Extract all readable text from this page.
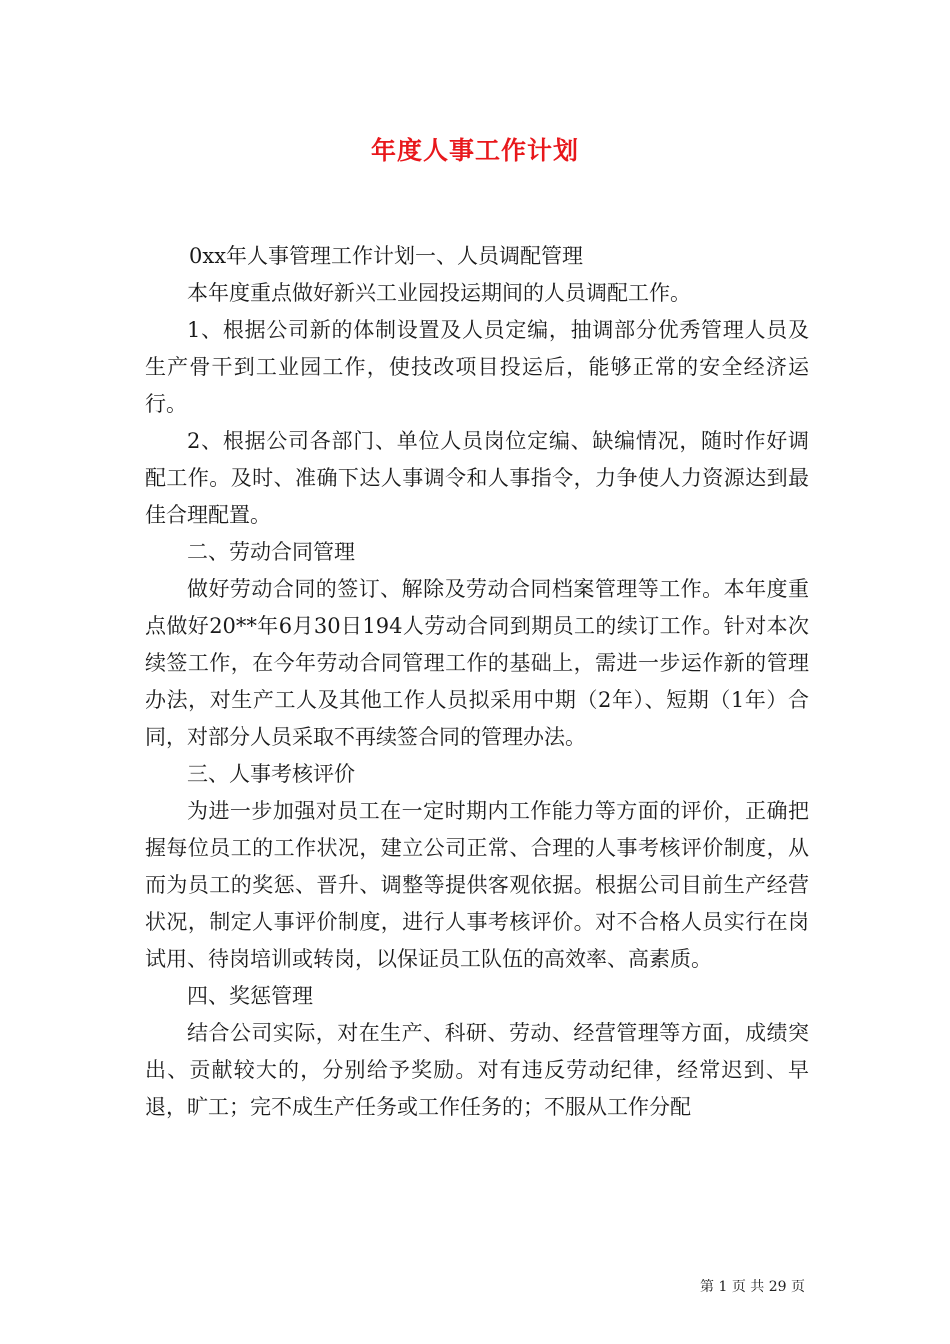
年度人事工作计划

0xx年人事管理工作计划一、人员调配管理

本年度重点做好新兴工业园投运期间的人员调配工作。

1、根据公司新的体制设置及人员定编，抽调部分优秀管理人员及生产骨干到工业园工作，使技改项目投运后，能够正常的安全经济运行。

2、根据公司各部门、单位人员岗位定编、缺编情况，随时作好调配工作。及时、准确下达人事调令和人事指令，力争使人力资源达到最佳合理配置。

二、劳动合同管理

做好劳动合同的签订、解除及劳动合同档案管理等工作。本年度重点做好20**年6月30日194人劳动合同到期员工的续订工作。针对本次续签工作，在今年劳动合同管理工作的基础上，需进一步运作新的管理办法，对生产工人及其他工作人员拟采用中期（2年）、短期（1年）合同，对部分人员采取不再续签合同的管理办法。

三、人事考核评价

为进一步加强对员工在一定时期内工作能力等方面的评价，正确把握每位员工的工作状况，建立公司正常、合理的人事考核评价制度，从而为员工的奖惩、晋升、调整等提供客观依据。根据公司目前生产经营状况，制定人事评价制度，进行人事考核评价。对不合格人员实行在岗试用、待岗培训或转岗，以保证员工队伍的高效率、高素质。

四、奖惩管理

结合公司实际，对在生产、科研、劳动、经营管理等方面，成绩突出、贡献较大的，分别给予奖励。对有违反劳动纪律，经常迟到、早退，旷工；完不成生产任务或工作任务的；不服从工作分配

第 1 页 共 29 页
